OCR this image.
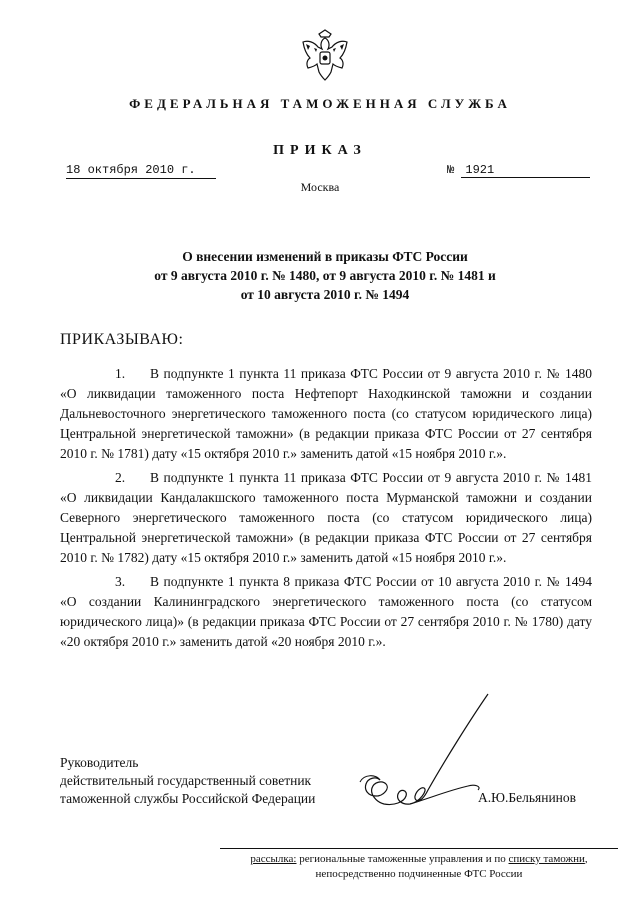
ФЕДЕРАЛЬНАЯ ТАМОЖЕННАЯ СЛУЖБА
ПРИКАЗ
18 октября 2010 г.	№ 1921
Москва
О внесении изменений в приказы ФТС России
от 9 августа 2010 г. № 1480, от 9 августа 2010 г. № 1481 и
от 10 августа 2010 г. № 1494
ПРИКАЗЫВАЮ:

1. В подпункте 1 пункта 11 приказа ФТС России от 9 августа 2010 г. № 1480 «О ликвидации таможенного поста Нефтепорт Находкинской таможни и создании Дальневосточного энергетического таможенного поста (со статусом юридического лица) Центральной энергетической таможни» (в редакции приказа ФТС России от 27 сентября 2010 г. № 1781) дату «15 октября 2010 г.» заменить датой «15 ноября 2010 г.».

2. В подпункте 1 пункта 11 приказа ФТС России от 9 августа 2010 г. № 1481 «О ликвидации Кандалакшского таможенного поста Мурманской таможни и создании Северного энергетического таможенного поста (со статусом юридического лица) Центральной энергетической таможни» (в редакции приказа ФТС России от 27 сентября 2010 г. № 1782) дату «15 октября 2010 г.» заменить датой «15 ноября 2010 г.».

3. В подпункте 1 пункта 8 приказа ФТС России от 10 августа 2010 г. № 1494 «О создании Калининградского энергетического таможенного поста (со статусом юридического лица)» (в редакции приказа ФТС России от 27 сентября 2010 г. № 1780) дату «20 октября 2010 г.» заменить датой «20 ноября 2010 г.».

Руководитель
действительный государственный советник
таможенной службы Российской Федерации	А.Ю.Бельянинов
рассылка: региональные таможенные управления и по списку таможни,
непосредственно подчиненные ФТС России
